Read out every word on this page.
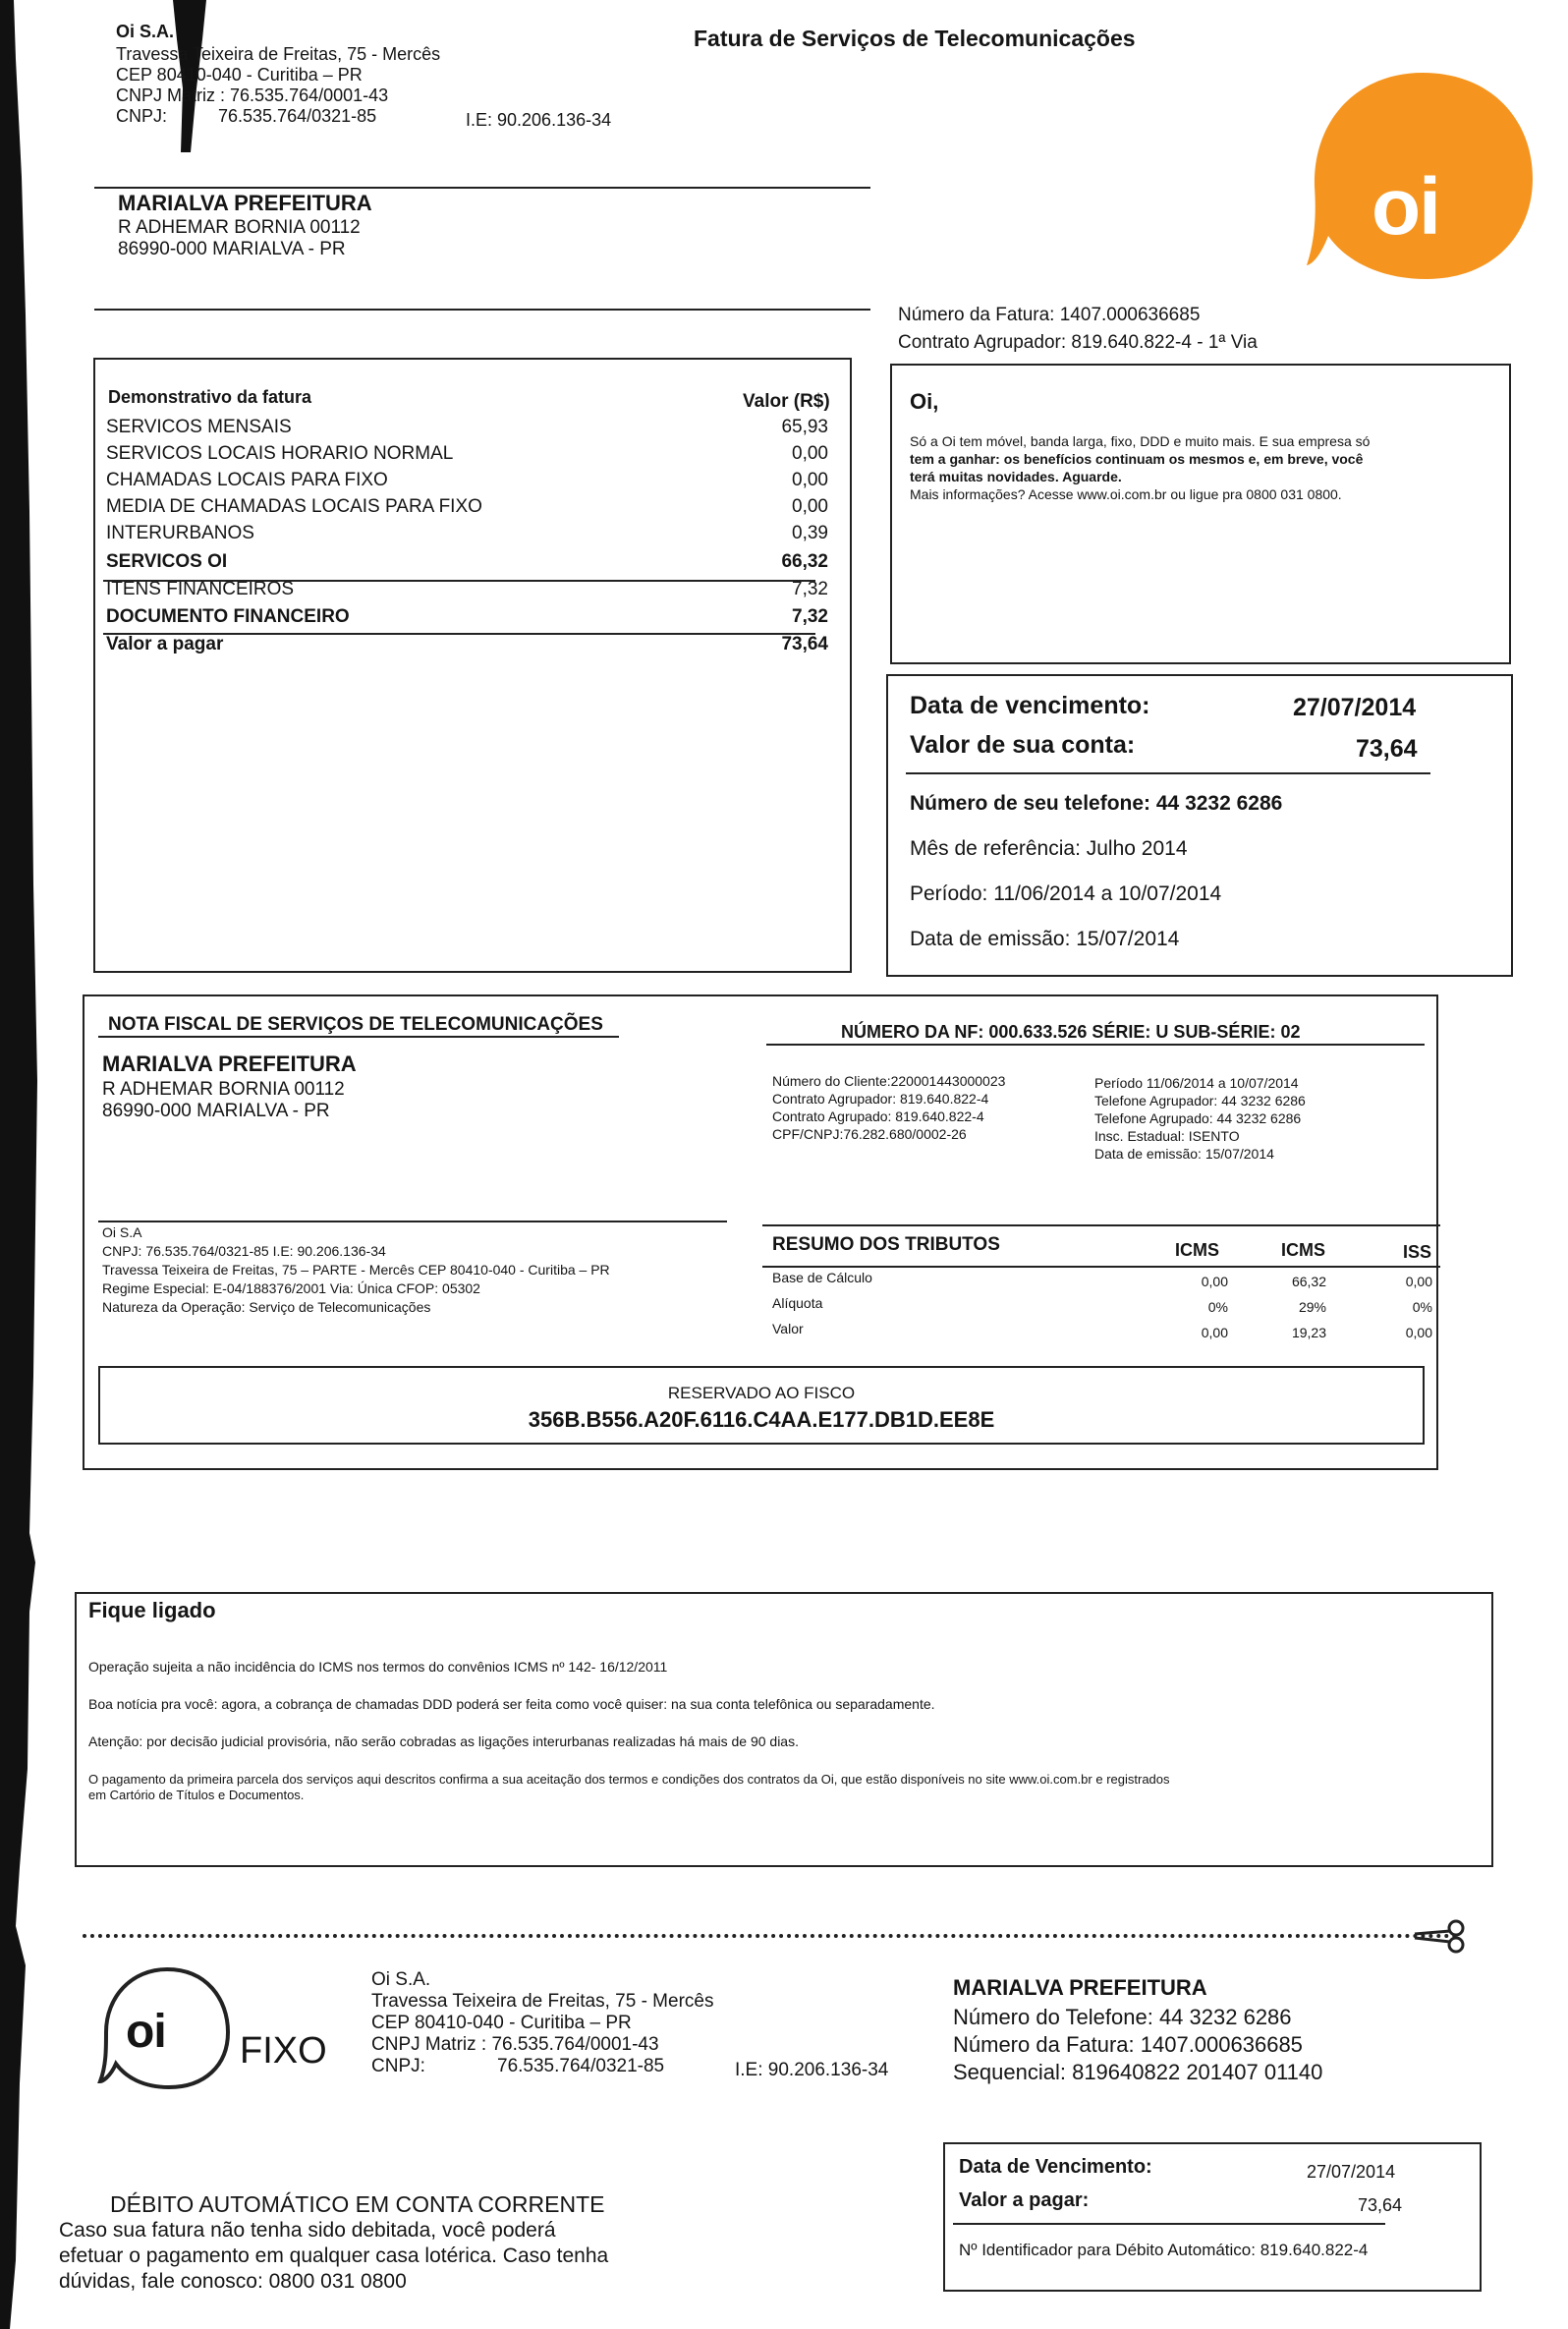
Oi S.A.
Travessa Teixeira de Freitas, 75 - Mercês
CEP 80410-040 - Curitiba – PR
CNPJ Matriz : 76.535.764/0001-43
CNPJ:	76.535.764/0321-85	I.E: 90.206.136-34
Fatura de Serviços de Telecomunicações
oi
MARIALVA PREFEITURA
R ADHEMAR BORNIA 00112
86990-000 MARIALVA - PR
Número da Fatura: 1407.000636685
Contrato Agrupador: 819.640.822-4 - 1ª Via
Demonstrativo da fatura	Valor (R$)
SERVICOS MENSAIS	65,93
SERVICOS LOCAIS HORARIO NORMAL	0,00
CHAMADAS LOCAIS PARA FIXO	0,00
MEDIA DE CHAMADAS LOCAIS PARA FIXO	0,00
INTERURBANOS	0,39
SERVICOS OI	66,32
ITENS FINANCEIROS	7,32
DOCUMENTO FINANCEIRO	7,32
Valor a pagar	73,64
Oi,
Só a Oi tem móvel, banda larga, fixo, DDD e muito mais. E sua empresa só
tem a ganhar: os benefícios continuam os mesmos e, em breve, você
terá muitas novidades. Aguarde.
Mais informações? Acesse www.oi.com.br ou ligue pra 0800 031 0800.
Data de vencimento:	27/07/2014
Valor de sua conta:	73,64
Número de seu telefone: 44 3232 6286
Mês de referência: Julho 2014
Período: 11/06/2014 a 10/07/2014
Data de emissão: 15/07/2014
NOTA FISCAL DE SERVIÇOS DE TELECOMUNICAÇÕES	NÚMERO DA NF: 000.633.526 SÉRIE: U SUB-SÉRIE: 02
MARIALVA PREFEITURA
R ADHEMAR BORNIA 00112
86990-000 MARIALVA - PR
Número do Cliente:220001443000023
Contrato Agrupador: 819.640.822-4
Contrato Agrupado: 819.640.822-4
CPF/CNPJ:76.282.680/0002-26
Período 11/06/2014 a 10/07/2014
Telefone Agrupador: 44 3232 6286
Telefone Agrupado: 44 3232 6286
Insc. Estadual: ISENTO
Data de emissão: 15/07/2014
Oi S.A
CNPJ: 76.535.764/0321-85 I.E: 90.206.136-34
Travessa Teixeira de Freitas, 75 – PARTE - Mercês CEP 80410-040 - Curitiba – PR
Regime Especial: E-04/188376/2001 Via: Única CFOP: 05302
Natureza da Operação: Serviço de Telecomunicações
RESUMO DOS TRIBUTOS	ICMS	ICMS	ISS
Base de Cálculo	0,00	66,32	0,00
Alíquota	0%	29%	0%
Valor	0,00	19,23	0,00
RESERVADO AO FISCO
356B.B556.A20F.6116.C4AA.E177.DB1D.EE8E
Fique ligado
Operação sujeita a não incidência do ICMS nos termos do convênios ICMS nº 142- 16/12/2011
Boa notícia pra você: agora, a cobrança de chamadas DDD poderá ser feita como você quiser: na sua conta telefônica ou separadamente.
Atenção: por decisão judicial provisória, não serão cobradas as ligações interurbanas realizadas há mais de 90 dias.
O pagamento da primeira parcela dos serviços aqui descritos confirma a sua aceitação dos termos e condições dos contratos da Oi, que estão disponíveis no site www.oi.com.br e registrados
em Cartório de Títulos e Documentos.
oi FIXO
Oi S.A.
Travessa Teixeira de Freitas, 75 - Mercês
CEP 80410-040 - Curitiba – PR
CNPJ Matriz : 76.535.764/0001-43
CNPJ:	76.535.764/0321-85	I.E: 90.206.136-34
MARIALVA PREFEITURA
Número do Telefone: 44 3232 6286
Número da Fatura: 1407.000636685
Sequencial: 819640822 201407 01140
Data de Vencimento:	27/07/2014
Valor a pagar:	73,64
Nº Identificador para Débito Automático: 819.640.822-4
DÉBITO AUTOMÁTICO EM CONTA CORRENTE
Caso sua fatura não tenha sido debitada, você poderá
efetuar o pagamento em qualquer casa lotérica. Caso tenha
dúvidas, fale conosco: 0800 031 0800
